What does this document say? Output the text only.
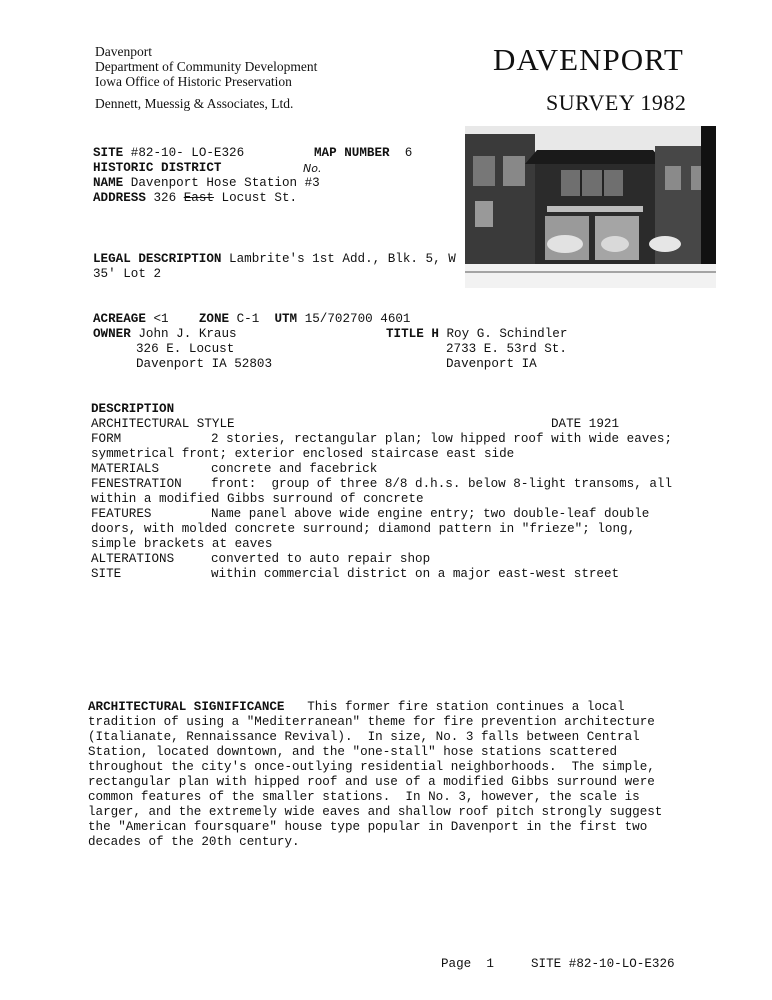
Davenport
Department of Community Development
Iowa Office of Historic Preservation
Dennett, Muessig & Associates, Ltd.
DAVENPORT
SURVEY 1982
SITE #82-10- LO-E326	MAP NUMBER 6
HISTORIC DISTRICT	No.
NAME Davenport Hose Station #3
ADDRESS 326 East Locust St.
LEGAL DESCRIPTION Lambrite's 1st Add., Blk. 5, W
35' Lot 2
ACREAGE <1 ZONE C-1 UTM 15/702700 4601
OWNER John J. Kraus
326 E. Locust
Davenport IA 52803
TITLE H Roy G. Schindler
2733 E. 53rd St.
Davenport IA
DESCRIPTION
ARCHITECTURAL STYLE	DATE 1921
FORM	2 stories, rectangular plan; low hipped roof with wide eaves;
symmetrical front; exterior enclosed staircase east side
MATERIALS	concrete and facebrick
FENESTRATION front:  group of three 8/8 d.h.s. below 8-light transoms, all
within a modified Gibbs surround of concrete
FEATURES	Name panel above wide engine entry; two double-leaf double
doors, with molded concrete surround; diamond pattern in "frieze"; long,
simple brackets at eaves
ALTERATIONS	converted to auto repair shop
SITE	within commercial district on a major east-west street
ARCHITECTURAL SIGNIFICANCE This former fire station continues a local
tradition of using a "Mediterranean" theme for fire prevention architecture
(Italianate, Rennaissance Revival).  In size, No. 3 falls between Central
Station, located downtown, and the "one-stall" hose stations scattered
throughout the city's once-outlying residential neighborhoods.  The simple,
rectangular plan with hipped roof and use of a modified Gibbs surround were
common features of the smaller stations.  In No. 3, however, the scale is
larger, and the extremely wide eaves and shallow roof pitch strongly suggest
the "American foursquare" house type popular in Davenport in the first two
decades of the 20th century.
Page 1	SITE #82-10-LO-E326
